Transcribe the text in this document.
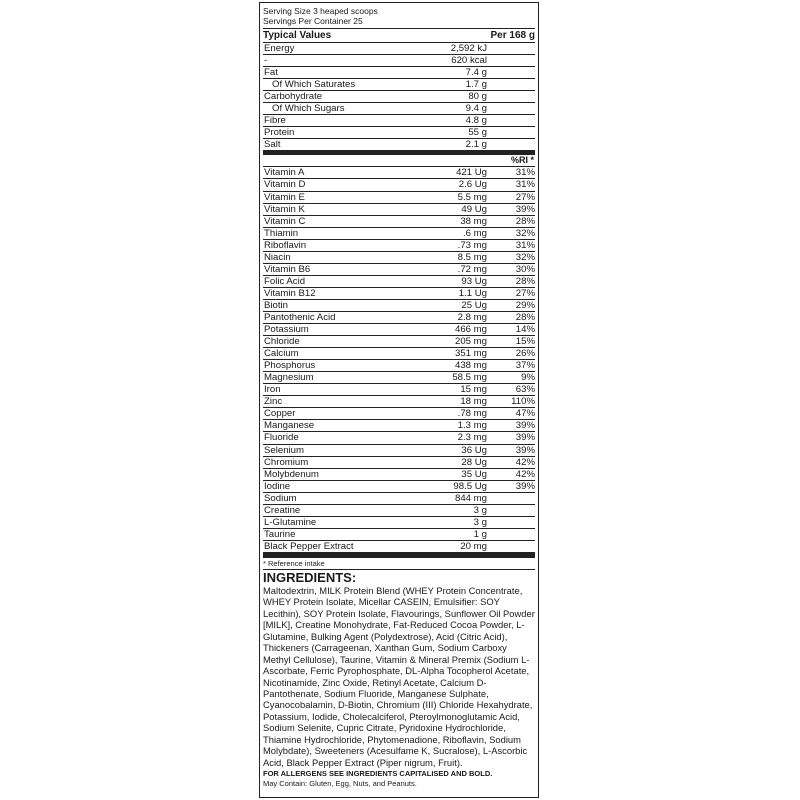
Serving Size 3 heaped scoops
Servings Per Container 25
Typical Values	Per 168 g
Energy	2,592 kJ
-	620 kcal
Fat	7.4 g
Of Which Saturates	1.7 g
Carbohydrate	80 g
Of Which Sugars	9.4 g
Fibre	4.8 g
Protein	55 g
Salt	2.1 g
%RI *
Vitamin A	421 Ug	31%
Vitamin D	2.6 Ug	31%
Vitamin E	5.5 mg	27%
Vitamin K	49 Ug	39%
Vitamin C	38 mg	28%
Thiamin	.6 mg	32%
Riboflavin	.73 mg	31%
Niacin	8.5 mg	32%
Vitamin B6	.72 mg	30%
Folic Acid	93 Ug	28%
Vitamin B12	1.1 Ug	27%
Biotin	25 Ug	29%
Pantothenic Acid	2.8 mg	28%
Potassium	466 mg	14%
Chloride	205 mg	15%
Calcium	351 mg	26%
Phosphorus	438 mg	37%
Magnesium	58.5 mg	9%
Iron	15 mg	63%
Zinc	18 mg	110%
Copper	.78 mg	47%
Manganese	1.3 mg	39%
Fluoride	2.3 mg	39%
Selenium	36 Ug	39%
Chromium	28 Ug	42%
Molybdenum	35 Ug	42%
Iodine	98.5 Ug	39%
Sodium	844 mg
Creatine	3 g
L-Glutamine	3 g
Taurine	1 g
Black Pepper Extract	20 mg
* Reference intake
INGREDIENTS:
Maltodextrin, MILK Protein Blend (WHEY Protein Concentrate, WHEY Protein Isolate, Micellar CASEIN, Emulsifier: SOY Lecithin), SOY Protein Isolate, Flavourings, Sunflower Oil Powder [MILK], Creatine Monohydrate, Fat-Reduced Cocoa Powder, L-Glutamine, Bulking Agent (Polydextrose), Acid (Citric Acid), Thickeners (Carrageenan, Xanthan Gum, Sodium Carboxy Methyl Cellulose), Taurine, Vitamin & Mineral Premix (Sodium L-Ascorbate, Ferric Pyrophosphate, DL-Alpha Tocopherol Acetate, Nicotinamide, Zinc Oxide, Retinyl Acetate, Calcium D-Pantothenate, Sodium Fluoride, Manganese Sulphate, Cyanocobalamin, D-Biotin, Chromium (III) Chloride Hexahydrate, Potassium, Iodide, Cholecalciferol, Pteroylmonoglutamic Acid, Sodium Selenite, Cupric Citrate, Pyridoxine Hydrochloride, Thiamine Hydrochloride, Phytomenadione, Riboflavin, Sodium Molybdate), Sweeteners (Acesulfame K, Sucralose), L-Ascorbic Acid, Black Pepper Extract (Piper nigrum, Fruit).
FOR ALLERGENS SEE INGREDIENTS CAPITALISED AND BOLD.
May Contain: Gluten, Egg, Nuts, and Peanuts.
